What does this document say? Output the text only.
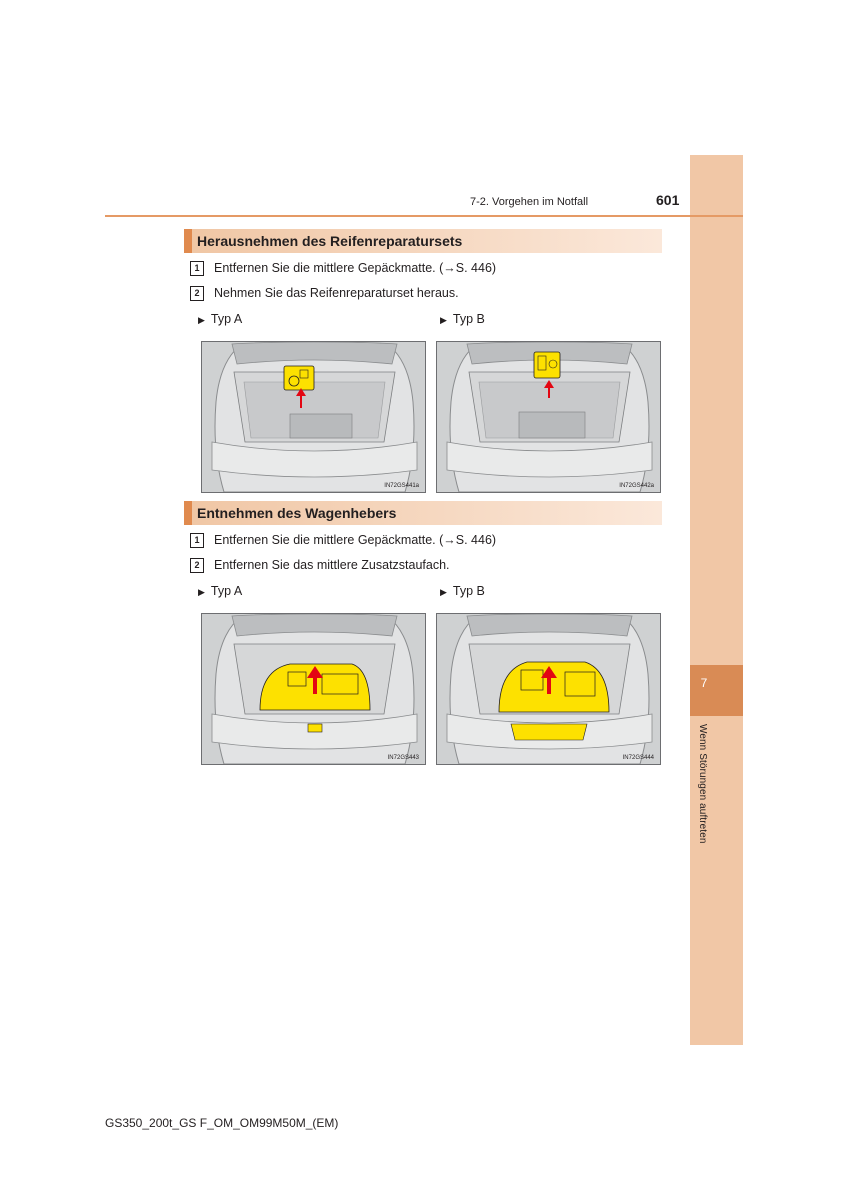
7
Wenn Störungen auftreten
7-2. Vorgehen im Notfall	601
Herausnehmen des Reifenreparatursets
1	Entfernen Sie die mittlere Gepäckmatte. (→S. 446)
2	Nehmen Sie das Reifenreparaturset heraus.
▶ Typ A	▶ Typ B
IN72GS441a	IN72GS442a
Entnehmen des Wagenhebers
1	Entfernen Sie die mittlere Gepäckmatte. (→S. 446)
2	Entfernen Sie das mittlere Zusatzstaufach.
▶ Typ A	▶ Typ B
IN72GS443	IN72GS444
GS350_200t_GS F_OM_OM99M50M_(EM)
